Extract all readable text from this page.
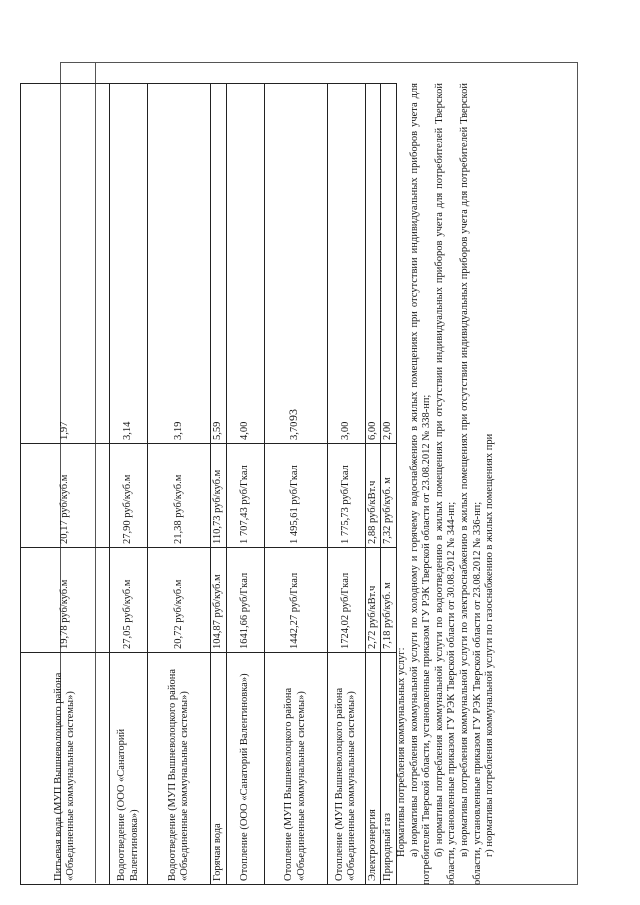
93
Питьевая вода (МУП Вышневолоцкого района «Объединенные коммунальные системы»)	19,78 руб/куб.м	20,17 руб/куб.м	1,97
Водоотведение (ООО «Санаторий Валентиновка»)	27,05 руб/куб.м	27,90 руб/куб.м	3,14
Водоотведение (МУП Вышневолоцкого района «Объединенные коммунальные системы»)	20,72 руб/куб.м	21,38 руб/куб.м	3,19
Горячая вода	104,87 руб/куб.м	110,73 руб/куб.м	5,59
Отопление (ООО «Санаторий Валентиновка»)	1641,66 руб/Гкал	1 707,43 руб/Гкал	4,00
Отопление (МУП Вышневолоцкого района «Объединенные коммунальные системы»)	1442,27 руб/Гкал	1 495,61 руб/Гкал	3,70
Отопление (МУП Вышневолоцкого района «Объединенные коммунальные системы»)	1724,02 руб/Гкал	1 775,73 руб/Гкал	3,00
Электроэнергия	2,72 руб/кВт.ч	2,88 руб/кВт.ч	6,00
Природный газ	7,18 руб/куб. м	7,32 руб/куб. м	2,00

Нормативы потребления коммунальных услуг: а) нормативы потребления коммунальной услуги по холодному и горячему водоснабжению в жилых помещениях при отсутствии индивидуальных приборов учета для потребителей Тверской области, установленные приказом ГУ РЭК Тверской области от 23.08.2012 № 338-нп; б) нормативы потребления коммунальной услуги по водоотведению в жилых помещениях при отсутствии индивидуальных приборов учета для потребителей Тверской области, установленные приказом ГУ РЭК Тверской области от 30.08.2012 № 344-нп; в) нормативы потребления коммунальной услуги по электроснабжению в жилых помещениях при отсутствии индивидуальных приборов учета для потребителей Тверской области, установленные приказом ГУ РЭК Тверской области от 23.08.2012 № 336-нп; г) нормативы потребления коммунальной услуги по газоснабжению в жилых помещениях при
